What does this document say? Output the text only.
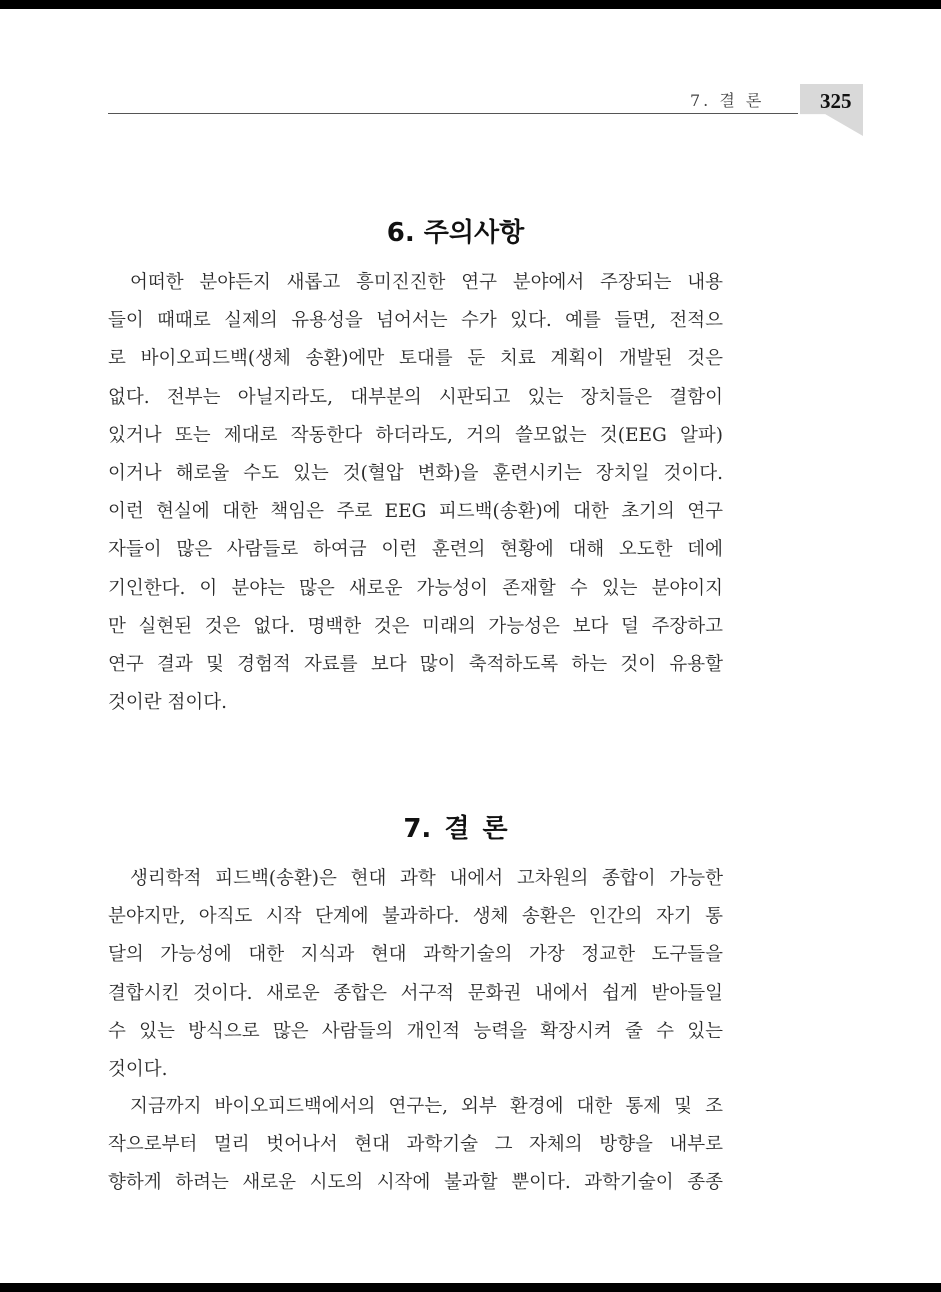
7. 결 론	325
6. 주의사항

어떠한 분야든지 새롭고 흥미진진한 연구 분야에서 주장되는 내용
들이 때때로 실제의 유용성을 넘어서는 수가 있다. 예를 들면, 전적으
로 바이오피드백(생체 송환)에만 토대를 둔 치료 계획이 개발된 것은
없다. 전부는 아닐지라도, 대부분의 시판되고 있는 장치들은 결함이
있거나 또는 제대로 작동한다 하더라도, 거의 쓸모없는 것(EEG 알파)
이거나 해로울 수도 있는 것(혈압 변화)을 훈련시키는 장치일 것이다.
이런 현실에 대한 책임은 주로 EEG 피드백(송환)에 대한 초기의 연구
자들이 많은 사람들로 하여금 이런 훈련의 현황에 대해 오도한 데에
기인한다. 이 분야는 많은 새로운 가능성이 존재할 수 있는 분야이지
만 실현된 것은 없다. 명백한 것은 미래의 가능성은 보다 덜 주장하고
연구 결과 및 경험적 자료를 보다 많이 축적하도록 하는 것이 유용할
것이란 점이다.

7. 결 론

생리학적 피드백(송환)은 현대 과학 내에서 고차원의 종합이 가능한
분야지만, 아직도 시작 단계에 불과하다. 생체 송환은 인간의 자기 통
달의 가능성에 대한 지식과 현대 과학기술의 가장 정교한 도구들을
결합시킨 것이다. 새로운 종합은 서구적 문화권 내에서 쉽게 받아들일
수 있는 방식으로 많은 사람들의 개인적 능력을 확장시켜 줄 수 있는
것이다.

지금까지 바이오피드백에서의 연구는, 외부 환경에 대한 통제 및 조
작으로부터 멀리 벗어나서 현대 과학기술 그 자체의 방향을 내부로
향하게 하려는 새로운 시도의 시작에 불과할 뿐이다. 과학기술이 종종
